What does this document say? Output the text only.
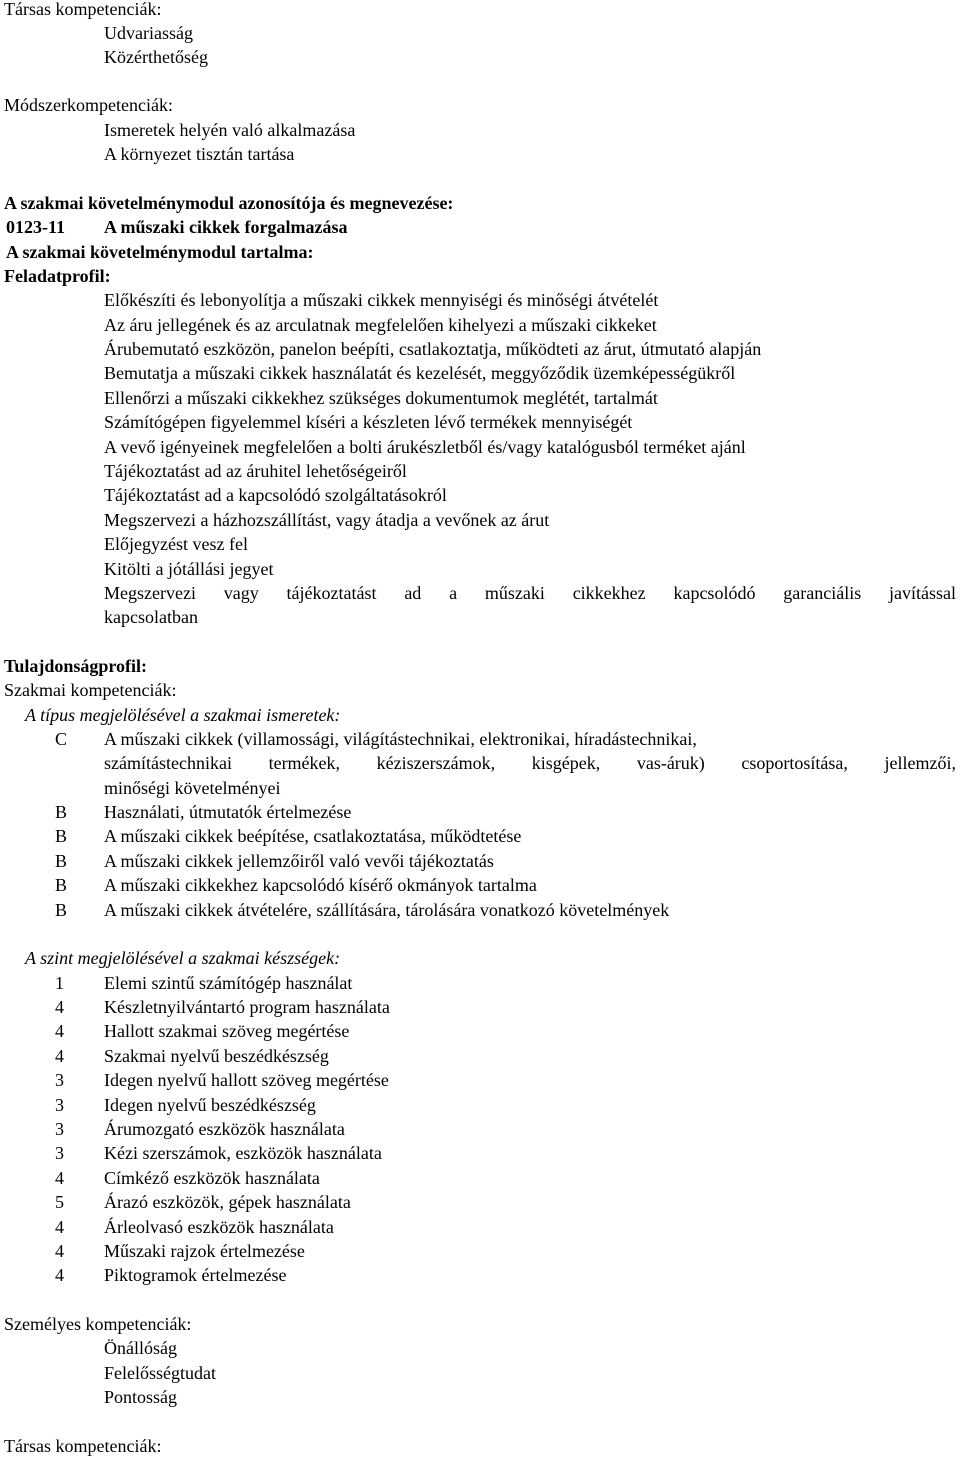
Társas kompetenciák:
Udvariasság
Közérthetőség
Módszerkompetenciák:
Ismeretek helyén való alkalmazása
A környezet tisztán tartása
A szakmai követelménymodul azonosítója és megnevezése:
0123-11 A műszaki cikkek forgalmazása
A szakmai követelménymodul tartalma:
Feladatprofil:
Előkészíti és lebonyolítja a műszaki cikkek mennyiségi és minőségi átvételét
Az áru jellegének és az arculatnak megfelelően kihelyezi a műszaki cikkeket
Árubemutató eszközön, panelon beépíti, csatlakoztatja, működteti az árut, útmutató alapján
Bemutatja a műszaki cikkek használatát és kezelését, meggyőződik üzemképességükről
Ellenőrzi a műszaki cikkekhez szükséges dokumentumok meglétét, tartalmát
Számítógépen figyelemmel kíséri a készleten lévő termékek mennyiségét
A vevő igényeinek megfelelően a bolti árukészletből és/vagy katalógusból terméket ajánl
Tájékoztatást ad az áruhitel lehetőségeiről
Tájékoztatást ad a kapcsolódó szolgáltatásokról
Megszervezi a házhozszállítást, vagy átadja a vevőnek az árut
Előjegyzést vesz fel
Kitölti a jótállási jegyet
Megszervezi vagy tájékoztatást ad a műszaki cikkekhez kapcsolódó garanciális javítással
kapcsolatban
Tulajdonságprofil:
Szakmai kompetenciák:
A típus megjelölésével a szakmai ismeretek:
C A műszaki cikkek (villamossági, világítástechnikai, elektronikai, híradástechnikai,
számítástechnikai termékek, kéziszerszámok, kisgépek, vas-áruk) csoportosítása, jellemzői,
minőségi követelményei
B Használati, útmutatók értelmezése
B A műszaki cikkek beépítése, csatlakoztatása, működtetése
B A műszaki cikkek jellemzőiről való vevői tájékoztatás
B A műszaki cikkekhez kapcsolódó kísérő okmányok tartalma
B A műszaki cikkek átvételére, szállítására, tárolására vonatkozó követelmények
A szint megjelölésével a szakmai készségek:
1 Elemi szintű számítógép használat
4 Készletnyilvántartó program használata
4 Hallott szakmai szöveg megértése
4 Szakmai nyelvű beszédkészség
3 Idegen nyelvű hallott szöveg megértése
3 Idegen nyelvű beszédkészség
3 Árumozgató eszközök használata
3 Kézi szerszámok, eszközök használata
4 Címkéző eszközök használata
5 Árazó eszközök, gépek használata
4 Árleolvasó eszközök használata
4 Műszaki rajzok értelmezése
4 Piktogramok értelmezése
Személyes kompetenciák:
Önállóság
Felelősségtudat
Pontosság
Társas kompetenciák:
